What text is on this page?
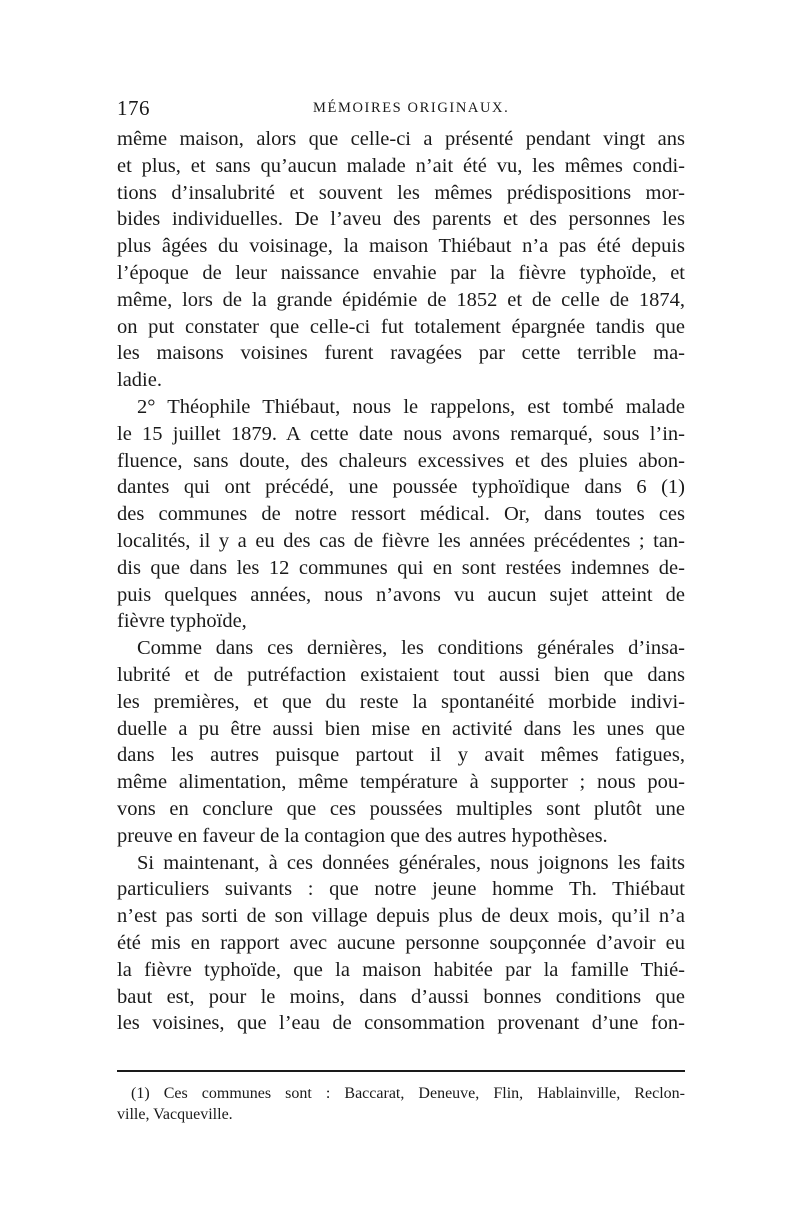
176	MÉMOIRES ORIGINAUX.
même maison, alors que celle-ci a présenté pendant vingt ans
et plus, et sans qu’aucun malade n’ait été vu, les mêmes condi-
tions d’insalubrité et souvent les mêmes prédispositions mor-
bides individuelles. De l’aveu des parents et des personnes les
plus âgées du voisinage, la maison Thiébaut n’a pas été depuis
l’époque de leur naissance envahie par la fièvre typhoïde, et
même, lors de la grande épidémie de 1852 et de celle de 1874,
on put constater que celle-ci fut totalement épargnée tandis que
les maisons voisines furent ravagées par cette terrible ma-
ladie.
2° Théophile Thiébaut, nous le rappelons, est tombé malade
le 15 juillet 1879. A cette date nous avons remarqué, sous l’in-
fluence, sans doute, des chaleurs excessives et des pluies abon-
dantes qui ont précédé, une poussée typhoïdique dans 6 (1)
des communes de notre ressort médical. Or, dans toutes ces
localités, il y a eu des cas de fièvre les années précédentes ; tan-
dis que dans les 12 communes qui en sont restées indemnes de-
puis quelques années, nous n’avons vu aucun sujet atteint de
fièvre typhoïde,
Comme dans ces dernières, les conditions générales d’insa-
lubrité et de putréfaction existaient tout aussi bien que dans
les premières, et que du reste la spontanéité morbide indivi-
duelle a pu être aussi bien mise en activité dans les unes que
dans les autres puisque partout il y avait mêmes fatigues,
même alimentation, même température à supporter ; nous pou-
vons en conclure que ces poussées multiples sont plutôt une
preuve en faveur de la contagion que des autres hypothèses.
Si maintenant, à ces données générales, nous joignons les faits
particuliers suivants : que notre jeune homme Th. Thiébaut
n’est pas sorti de son village depuis plus de deux mois, qu’il n’a
été mis en rapport avec aucune personne soupçonnée d’avoir eu
la fièvre typhoïde, que la maison habitée par la famille Thié-
baut est, pour le moins, dans d’aussi bonnes conditions que
les voisines, que l’eau de consommation provenant d’une fon-
(1) Ces communes sont : Baccarat, Deneuve, Flin, Hablainville, Reclon-
ville, Vacqueville.
